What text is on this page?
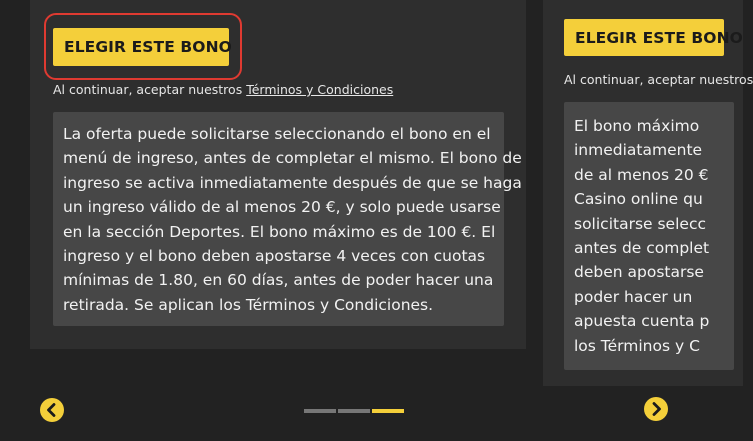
ELEGIR ESTE BONO
Al continuar, aceptar nuestros Términos y Condiciones
La oferta puede solicitarse seleccionando el bono en el
menú de ingreso, antes de completar el mismo. El bono de
ingreso se activa inmediatamente después de que se haga
un ingreso válido de al menos 20 €, y solo puede usarse
en la sección Deportes. El bono máximo es de 100 €. El
ingreso y el bono deben apostarse 4 veces con cuotas
mínimas de 1.80, en 60 días, antes de poder hacer una
retirada. Se aplican los Términos y Condiciones.
ELEGIR ESTE BONO
Al continuar, aceptar nuestros
El bono máximo
inmediatamente
de al menos 20 €
Casino online qu
solicitarse selecc
antes de complet
deben apostarse
poder hacer un
apuesta cuenta p
los Términos y C
